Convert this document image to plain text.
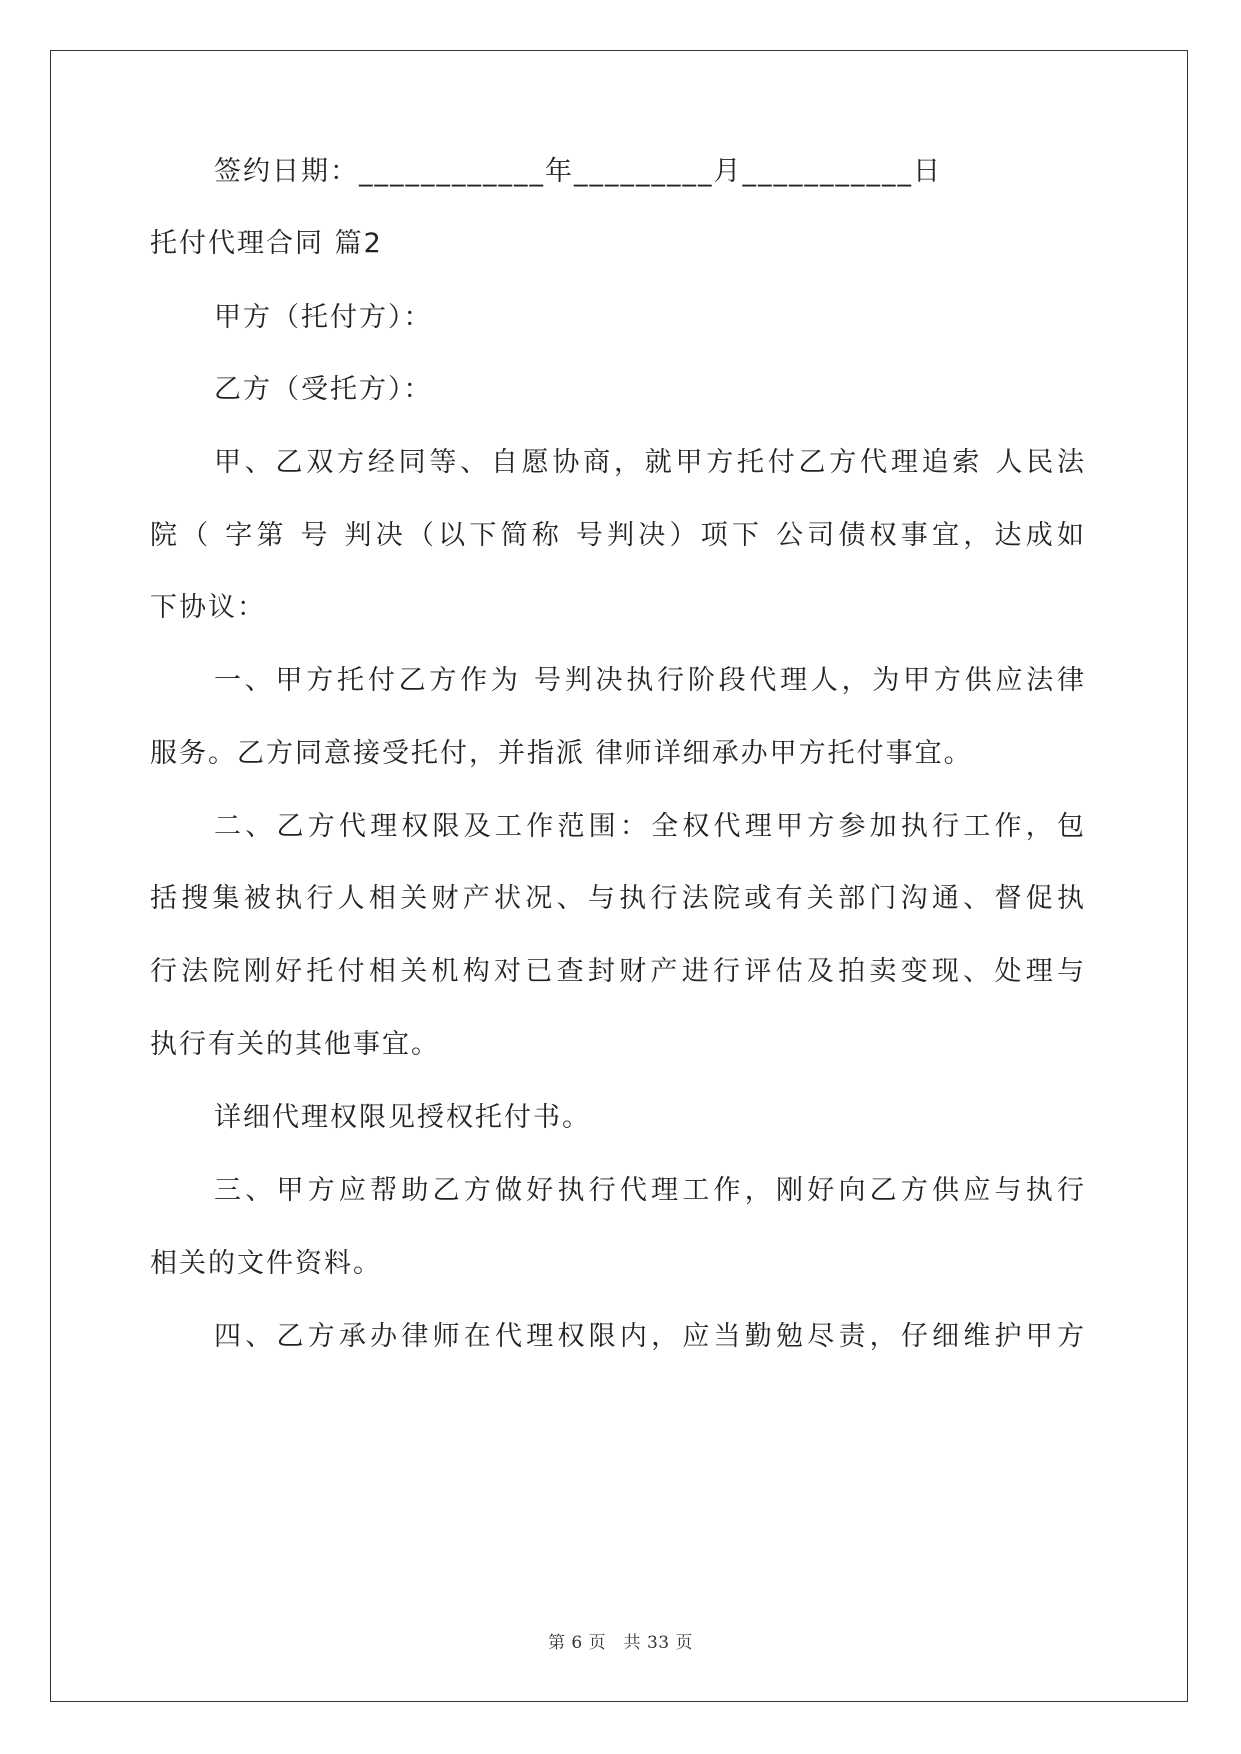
签约日期：____________年_________月___________日
托付代理合同 篇2
甲方（托付方）：
乙方（受托方）：
甲、乙双方经同等、自愿协商，就甲方托付乙方代理追索 人民法
院（ 字第 号 判决（以下简称 号判决）项下 公司债权事宜，达成如
下协议：
一、甲方托付乙方作为 号判决执行阶段代理人，为甲方供应法律
服务。乙方同意接受托付，并指派 律师详细承办甲方托付事宜。
二、乙方代理权限及工作范围：全权代理甲方参加执行工作，包
括搜集被执行人相关财产状况、与执行法院或有关部门沟通、督促执
行法院刚好托付相关机构对已查封财产进行评估及拍卖变现、处理与
执行有关的其他事宜。
详细代理权限见授权托付书。
三、甲方应帮助乙方做好执行代理工作，刚好向乙方供应与执行
相关的文件资料。
四、乙方承办律师在代理权限内，应当勤勉尽责，仔细维护甲方
第 6 页　共 33 页
